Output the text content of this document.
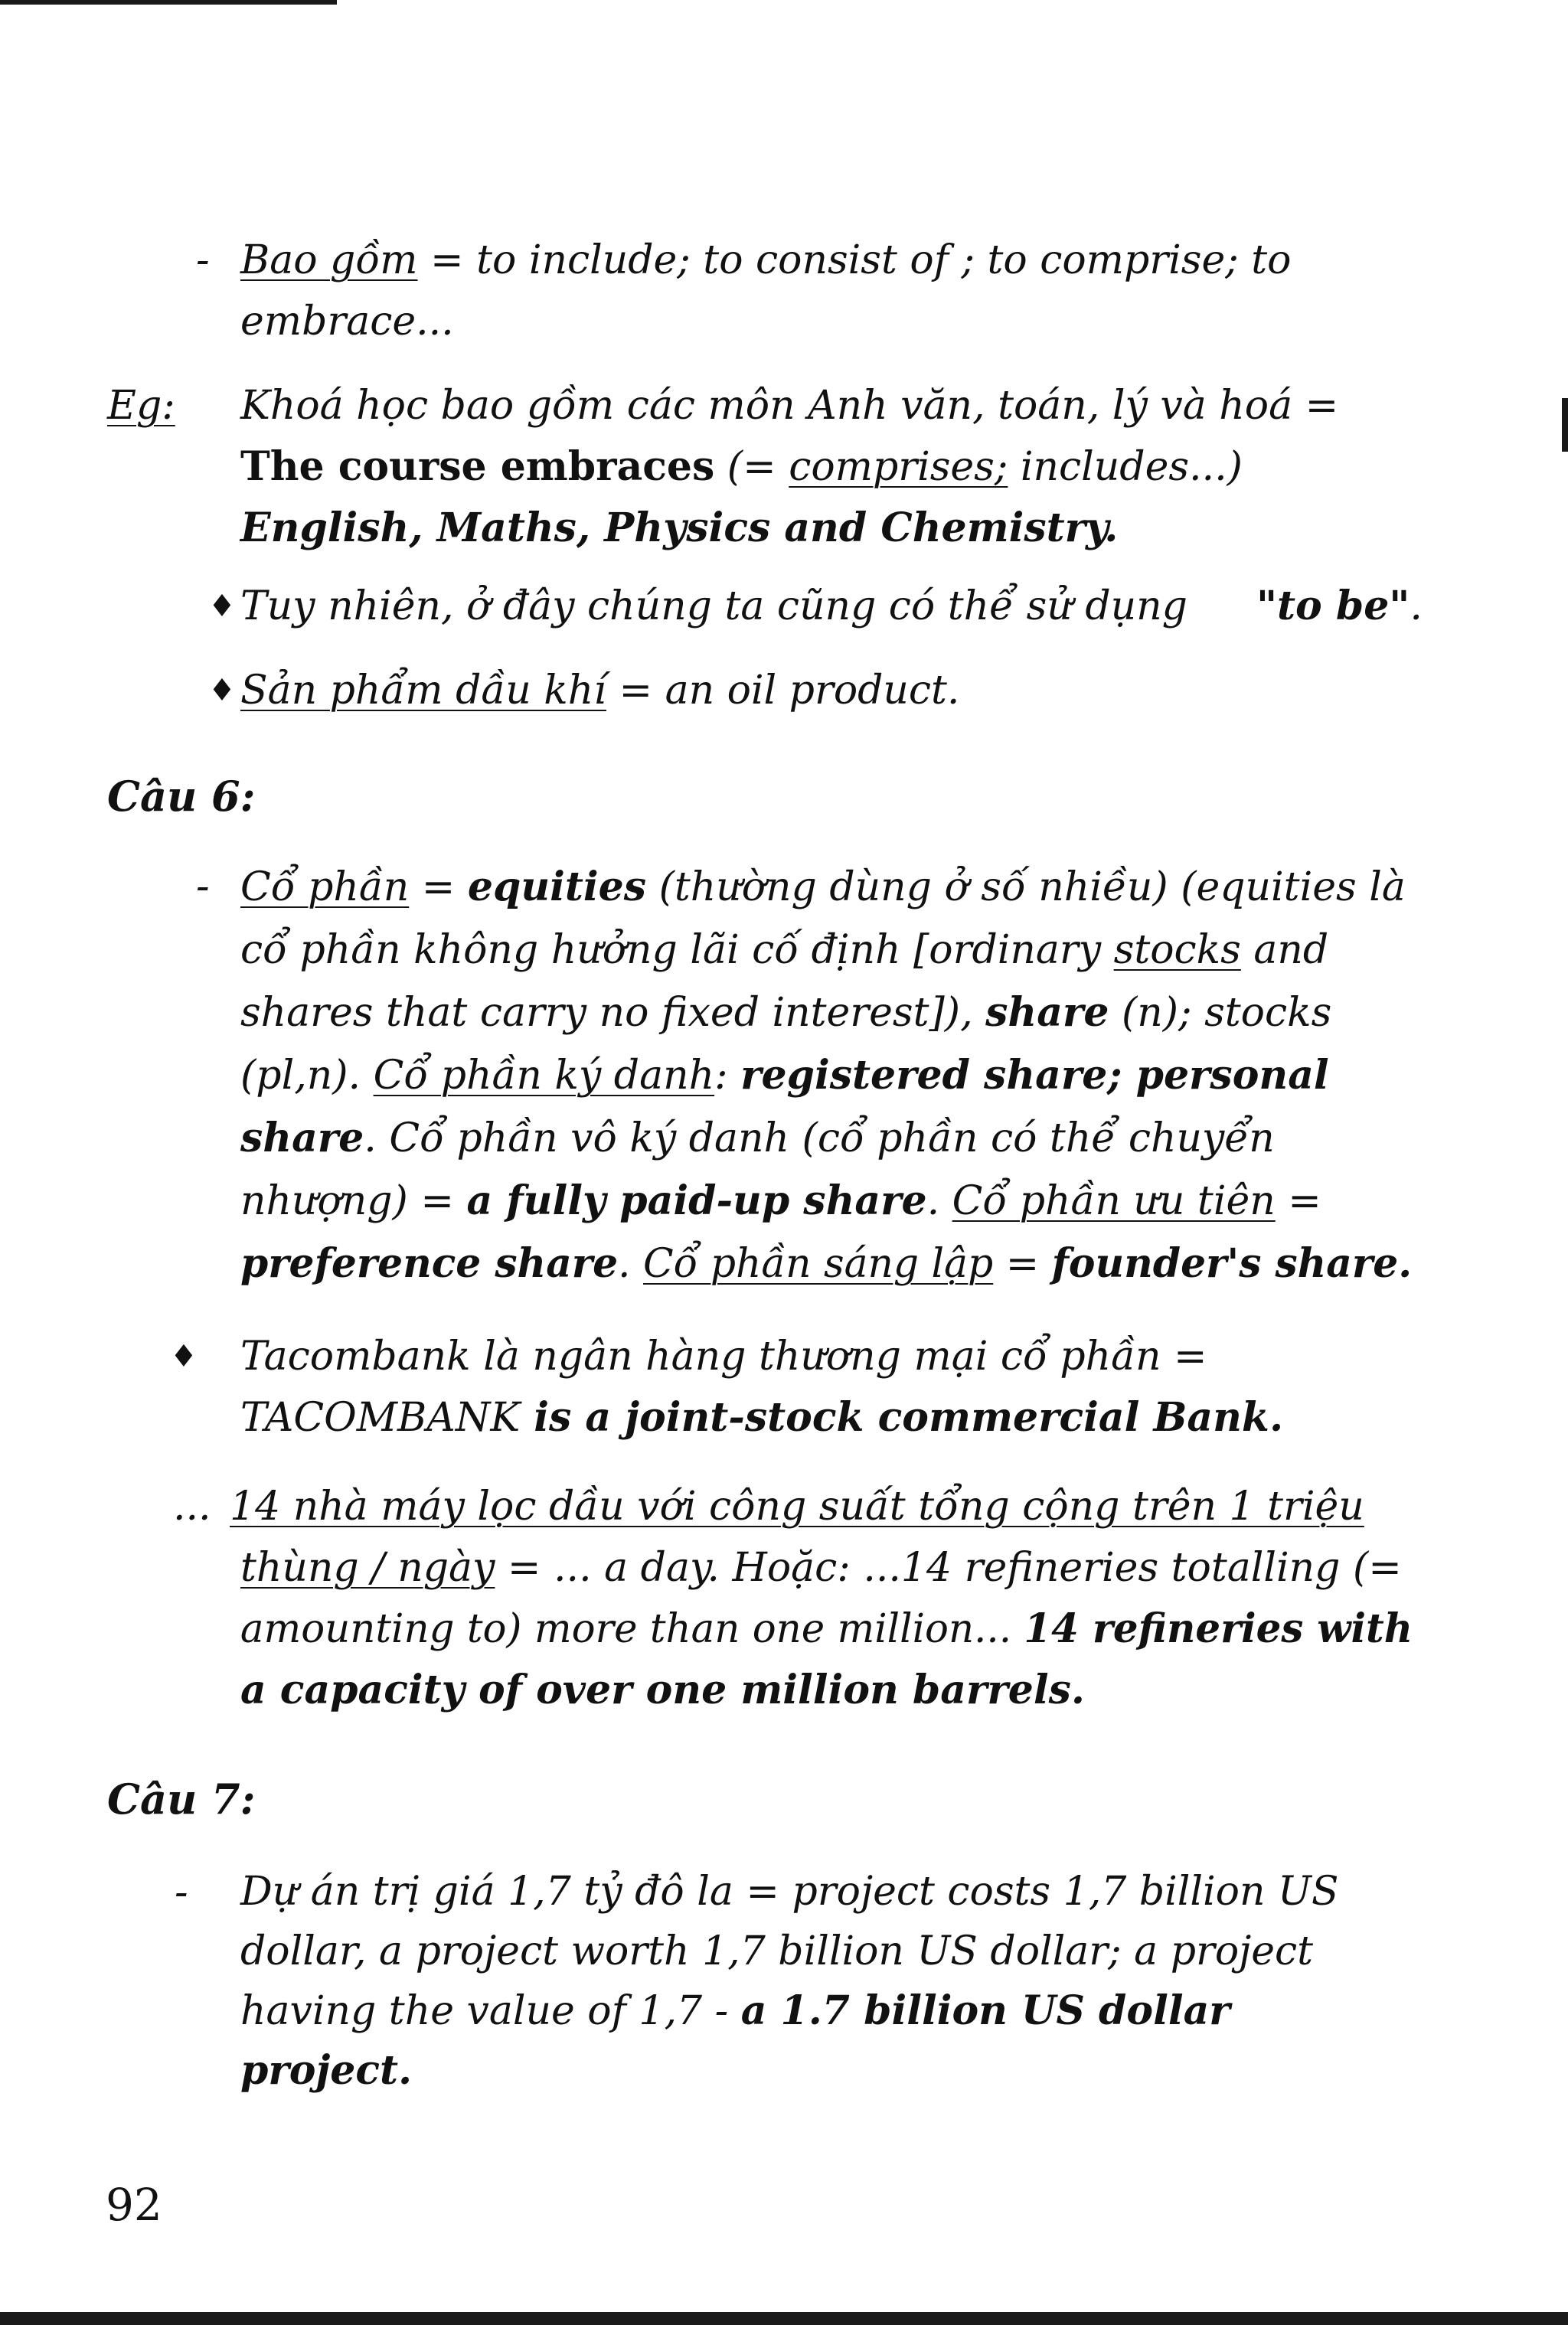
- Bao gồm = to include; to consist of ; to comprise; to
embrace...
Eg: Khoá học bao gồm các môn Anh văn, toán, lý và hoá =
The course embraces (= comprises; includes...)
English, Maths, Physics and Chemistry.
♦ Tuy nhiên, ở đây chúng ta cũng có thể sử dụng "to be".
♦ Sản phẩm dầu khí = an oil product.
Câu 6:
- Cổ phần = equities (thường dùng ở số nhiều) (equities là
cổ phần không hưởng lãi cố định [ordinary stocks and
shares that carry no fixed interest]), share (n); stocks
(pl,n). Cổ phần ký danh: registered share; personal
share. Cổ phần vô ký danh (cổ phần có thể chuyển
nhượng) = a fully paid-up share. Cổ phần ưu tiên =
preference share. Cổ phần sáng lập = founder's share.
♦ Tacombank là ngân hàng thương mại cổ phần =
TACOMBANK is a joint-stock commercial Bank.
... 14 nhà máy lọc dầu với công suất tổng cộng trên 1 triệu
thùng / ngày = ... a day. Hoặc: ...14 refineries totalling (=
amounting to) more than one million... 14 refineries with
a capacity of over one million barrels.
Câu 7:
- Dự án trị giá 1,7 tỷ đô la = project costs 1,7 billion US
dollar, a project worth 1,7 billion US dollar; a project
having the value of 1,7 - a 1.7 billion US dollar
project.
92
